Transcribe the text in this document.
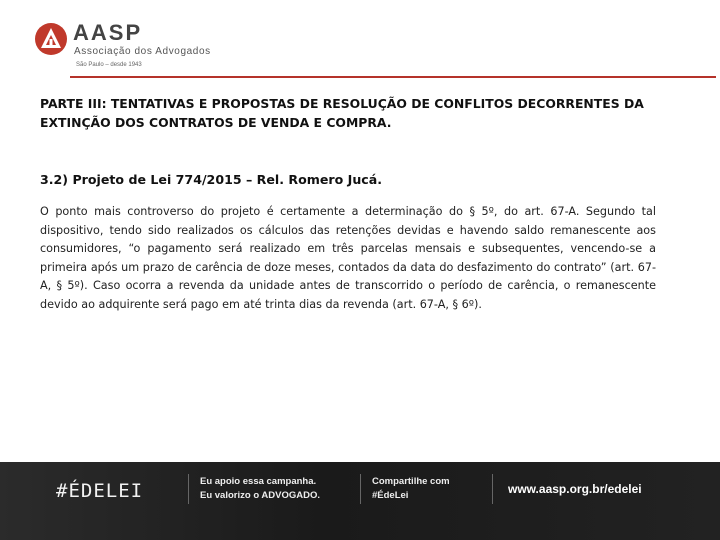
AASP
Associação dos Advogados
São Paulo – desde 1943

PARTE III: TENTATIVAS E PROPOSTAS DE RESOLUÇÃO DE CONFLITOS DECORRENTES DA EXTINÇÃO DOS CONTRATOS DE VENDA E COMPRA.

3.2) Projeto de Lei 774/2015 – Rel. Romero Jucá.

O ponto mais controverso do projeto é certamente a determinação do § 5º, do art. 67-A. Segundo tal dispositivo, tendo sido realizados os cálculos das retenções devidas e havendo saldo remanescente aos consumidores, “o pagamento será realizado em três parcelas mensais e subsequentes, vencendo-se a primeira após um prazo de carência de doze meses, contados da data do desfazimento do contrato” (art. 67-A, § 5º). Caso ocorra a revenda da unidade antes de transcorrido o período de carência, o remanescente devido ao adquirente será pago em até trinta dias da revenda (art. 67-A, § 6º).

#ÉDELEI	Eu apoio essa campanha.
Eu valorizo o ADVOGADO.
Compartilhe com
#ÉdeLei	www.aasp.org.br/edelei
